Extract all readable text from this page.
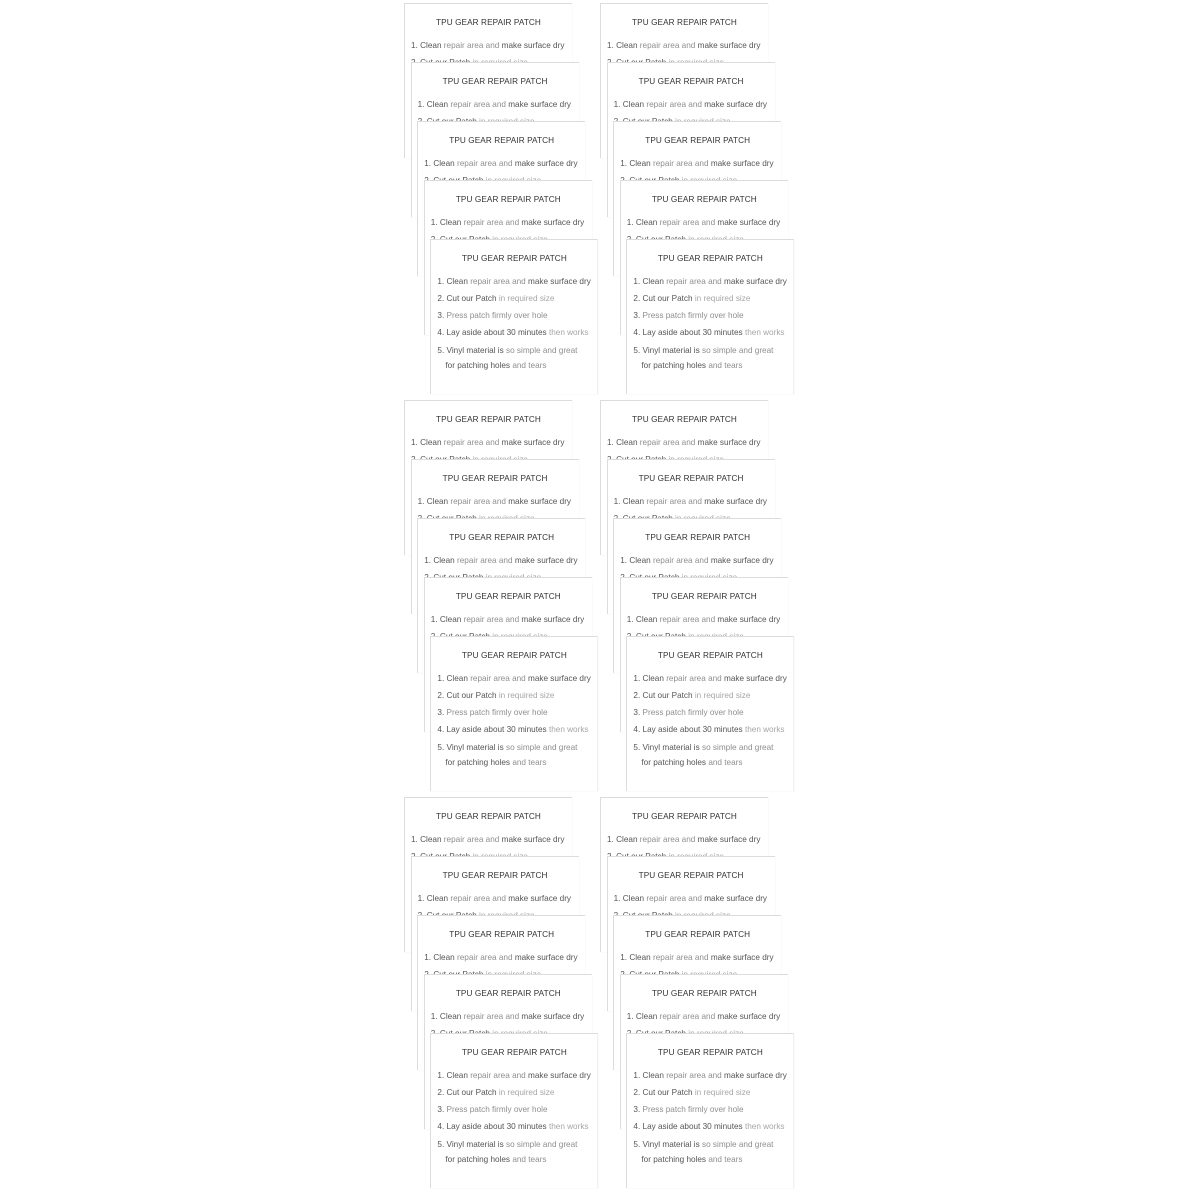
TPU GEAR REPAIR PATCH
1. Clean repair area and make surface dry
TPU GEAR REPAIR PATCH
1. Clean repair area and make surface dry
TPU GEAR REPAIR PATCH
1. Clean repair area and make surface dry
TPU GEAR REPAIR PATCH
1. Clean repair area and make surface dry
TPU GEAR REPAIR PATCH
1. Clean repair area and make surface dry
2. Cut our Patch in required size
3. Press patch firmly over hole
4. Lay aside about 30 minutes then works
5. Vinyl material is so simple and great
for patching holes and tears
TPU GEAR REPAIR PATCH
1. Clean repair area and make surface dry
TPU GEAR REPAIR PATCH
1. Clean repair area and make surface dry
TPU GEAR REPAIR PATCH
1. Clean repair area and make surface dry
TPU GEAR REPAIR PATCH
1. Clean repair area and make surface dry
TPU GEAR REPAIR PATCH
1. Clean repair area and make surface dry
2. Cut our Patch in required size
3. Press patch firmly over hole
4. Lay aside about 30 minutes then works
5. Vinyl material is so simple and great
for patching holes and tears
TPU GEAR REPAIR PATCH
1. Clean repair area and make surface dry
TPU GEAR REPAIR PATCH
1. Clean repair area and make surface dry
TPU GEAR REPAIR PATCH
1. Clean repair area and make surface dry
TPU GEAR REPAIR PATCH
1. Clean repair area and make surface dry
TPU GEAR REPAIR PATCH
1. Clean repair area and make surface dry
2. Cut our Patch in required size
3. Press patch firmly over hole
4. Lay aside about 30 minutes then works
5. Vinyl material is so simple and great
for patching holes and tears
TPU GEAR REPAIR PATCH
1. Clean repair area and make surface dry
TPU GEAR REPAIR PATCH
1. Clean repair area and make surface dry
TPU GEAR REPAIR PATCH
1. Clean repair area and make surface dry
TPU GEAR REPAIR PATCH
1. Clean repair area and make surface dry
TPU GEAR REPAIR PATCH
1. Clean repair area and make surface dry
2. Cut our Patch in required size
3. Press patch firmly over hole
4. Lay aside about 30 minutes then works
5. Vinyl material is so simple and great
for patching holes and tears
TPU GEAR REPAIR PATCH
1. Clean repair area and make surface dry
TPU GEAR REPAIR PATCH
1. Clean repair area and make surface dry
TPU GEAR REPAIR PATCH
1. Clean repair area and make surface dry
TPU GEAR REPAIR PATCH
1. Clean repair area and make surface dry
TPU GEAR REPAIR PATCH
1. Clean repair area and make surface dry
2. Cut our Patch in required size
3. Press patch firmly over hole
4. Lay aside about 30 minutes then works
5. Vinyl material is so simple and great
for patching holes and tears
TPU GEAR REPAIR PATCH
1. Clean repair area and make surface dry
TPU GEAR REPAIR PATCH
1. Clean repair area and make surface dry
TPU GEAR REPAIR PATCH
1. Clean repair area and make surface dry
TPU GEAR REPAIR PATCH
1. Clean repair area and make surface dry
TPU GEAR REPAIR PATCH
1. Clean repair area and make surface dry
2. Cut our Patch in required size
3. Press patch firmly over hole
4. Lay aside about 30 minutes then works
5. Vinyl material is so simple and great
for patching holes and tears
